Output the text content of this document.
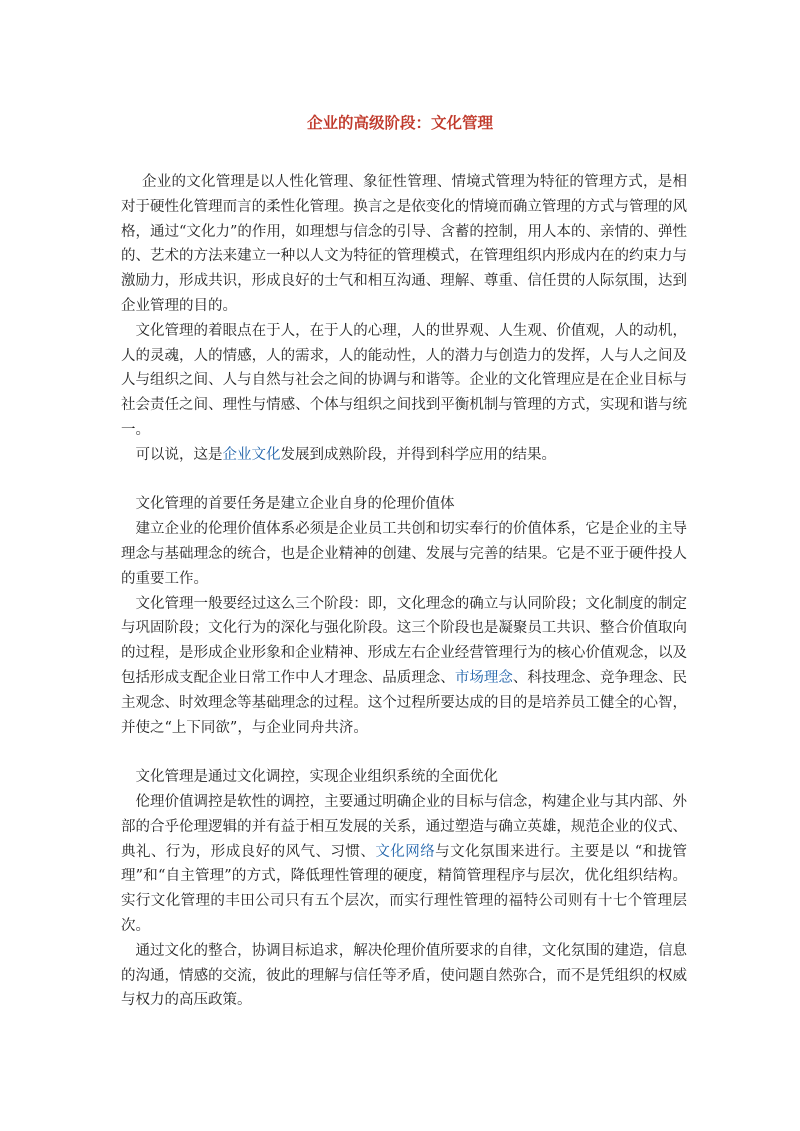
企业的高级阶段：文化管理

企业的文化管理是以人性化管理、象征性管理、情境式管理为特征的管理方式，是相对于硬性化管理而言的柔性化管理。换言之是依变化的情境而确立管理的方式与管理的风格，通过“文化力”的作用，如理想与信念的引导、含蓄的控制，用人本的、亲情的、弹性的、艺术的方法来建立一种以人文为特征的管理模式，在管理组织内形成内在的约束力与激励力，形成共识，形成良好的士气和相互沟通、理解、尊重、信任贯的人际氛围，达到企业管理的目的。

文化管理的着眼点在于人，在于人的心理，人的世界观、人生观、价值观，人的动机，人的灵魂，人的情感，人的需求，人的能动性，人的潜力与创造力的发挥，人与人之间及人与组织之间、人与自然与社会之间的协调与和谐等。企业的文化管理应是在企业目标与社会责任之间、理性与情感、个体与组织之间找到平衡机制与管理的方式，实现和谐与统一。

可以说，这是企业文化发展到成熟阶段，并得到科学应用的结果。

文化管理的首要任务是建立企业自身的伦理价值体

建立企业的伦理价值体系必须是企业员工共创和切实奉行的价值体系，它是企业的主导理念与基础理念的统合，也是企业精神的创建、发展与完善的结果。它是不亚于硬件投人的重要工作。

文化管理一般要经过这么三个阶段：即，文化理念的确立与认同阶段；文化制度的制定与巩固阶段；文化行为的深化与强化阶段。这三个阶段也是凝聚员工共识、整合价值取向的过程，是形成企业形象和企业精神、形成左右企业经营管理行为的核心价值观念，以及包括形成支配企业日常工作中人才理念、品质理念、市场理念、科技理念、竞争理念、民主观念、时效理念等基础理念的过程。这个过程所要达成的目的是培养员工健全的心智，并使之“上下同欲”，与企业同舟共济。

文化管理是通过文化调控，实现企业组织系统的全面优化

伦理价值调控是软性的调控，主要通过明确企业的目标与信念，构建企业与其内部、外部的合乎伦理逻辑的并有益于相互发展的关系，通过塑造与确立英雄，规范企业的仪式、典礼、行为，形成良好的风气、习惯、文化网络与文化氛围来进行。主要是以 “和拢管理”和“自主管理”的方式，降低理性管理的硬度，精简管理程序与层次，优化组织结构。实行文化管理的丰田公司只有五个层次，而实行理性管理的福特公司则有十七个管理层次。

通过文化的整合，协调目标追求，解决伦理价值所要求的自律，文化氛围的建造，信息的沟通，情感的交流，彼此的理解与信任等矛盾，使问题自然弥合，而不是凭组织的权威与权力的高压政策。
